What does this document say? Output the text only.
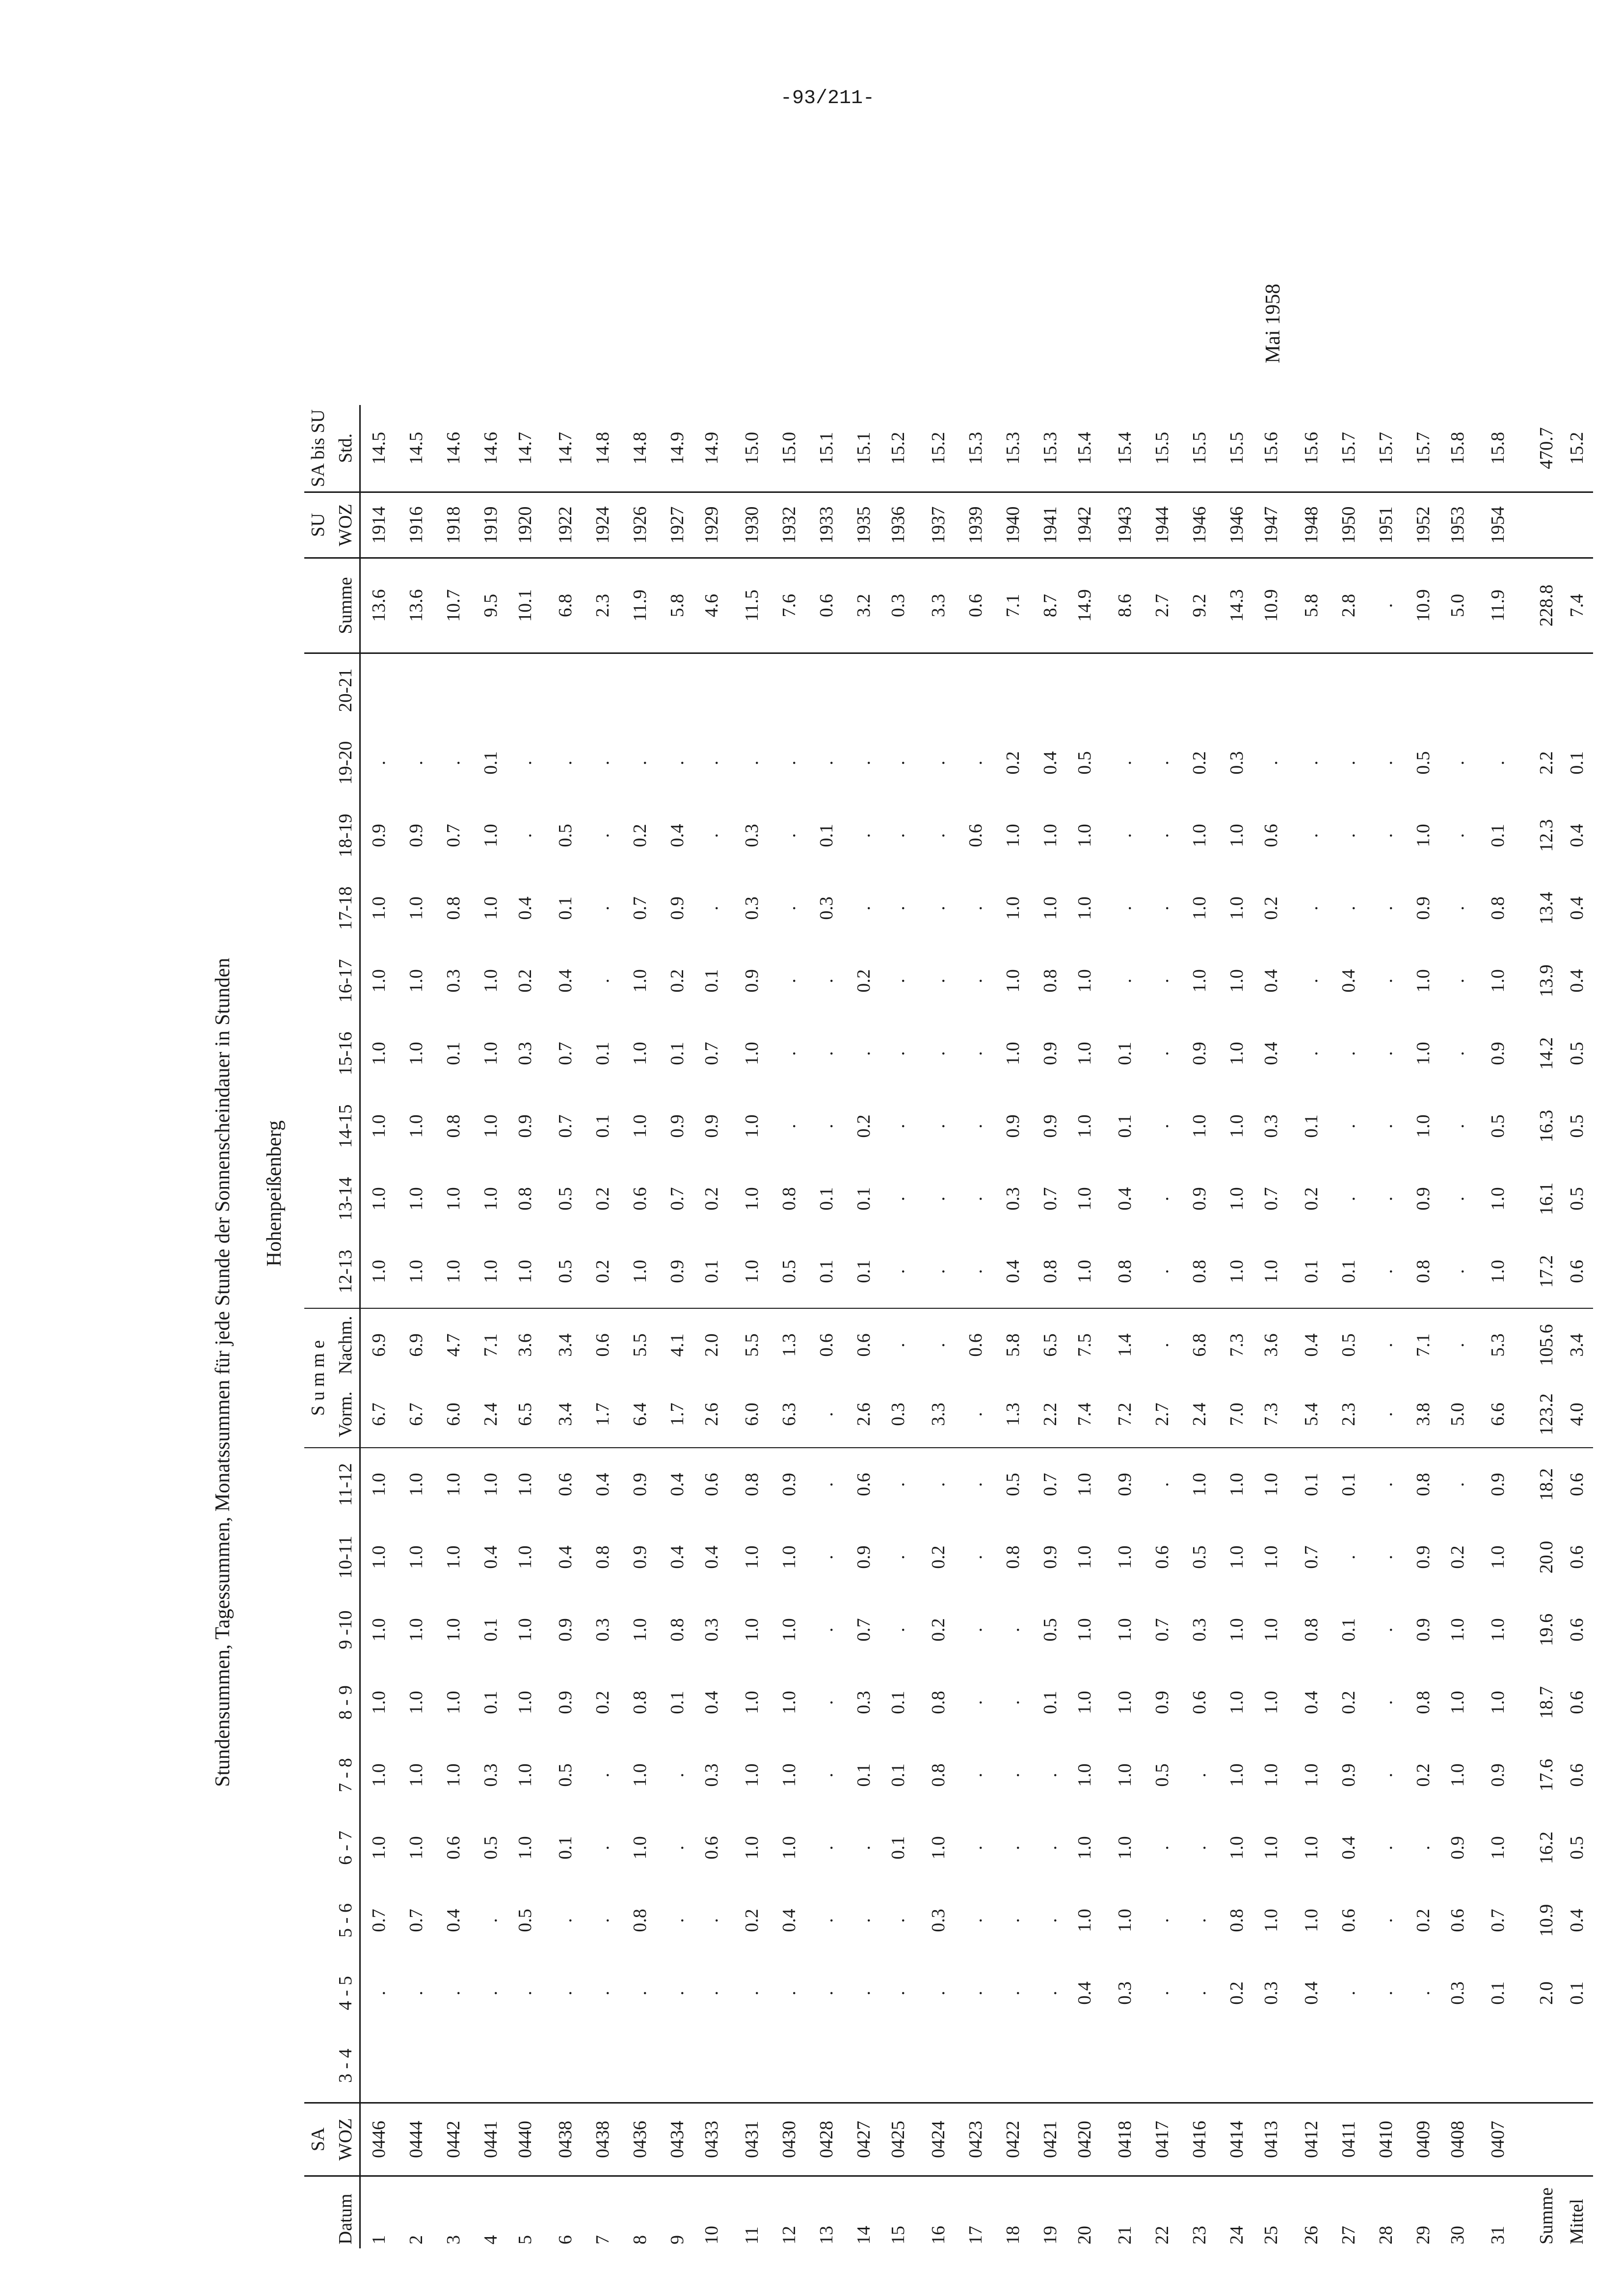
-93/211-
Stundensummen, Tagessummen, Monatssummen für jede Stunde der Sonnenscheindauer in Stunden Hohenpeißenberg
Mai 1958
	SA										S u m m e												SU	SA bis SU
Datum	WOZ	3 - 4	4 - 5	5 - 6	6 - 7	7 - 8	8 - 9	9 -10	10-11	11-12	Vorm.	Nachm.	12-13	13-14	14-15	15-16	16-17	17-18	18-19	19-20	20-21	Summe	WOZ	Std.
1	0446		.	0.7	1.0	1.0	1.0	1.0	1.0	1.0	6.7	6.9	1.0	1.0	1.0	1.0	1.0	1.0	0.9	.		13.6	1914	14.5
2	0444		.	0.7	1.0	1.0	1.0	1.0	1.0	1.0	6.7	6.9	1.0	1.0	1.0	1.0	1.0	1.0	0.9	.		13.6	1916	14.5
3	0442		.	0.4	0.6	1.0	1.0	1.0	1.0	1.0	6.0	4.7	1.0	1.0	0.8	0.1	0.3	0.8	0.7	.		10.7	1918	14.6
4	0441		.	.	0.5	0.3	0.1	0.1	0.4	1.0	2.4	7.1	1.0	1.0	1.0	1.0	1.0	1.0	1.0	0.1		9.5	1919	14.6
5	0440		.	0.5	1.0	1.0	1.0	1.0	1.0	1.0	6.5	3.6	1.0	0.8	0.9	0.3	0.2	0.4	.	.		10.1	1920	14.7
6	0438		.	.	0.1	0.5	0.9	0.9	0.4	0.6	3.4	3.4	0.5	0.5	0.7	0.7	0.4	0.1	0.5	.		6.8	1922	14.7
7	0438		.	.	.	.	0.2	0.3	0.8	0.4	1.7	0.6	0.2	0.2	0.1	0.1	.	.	.	.		2.3	1924	14.8
8	0436		.	0.8	1.0	1.0	0.8	1.0	0.9	0.9	6.4	5.5	1.0	0.6	1.0	1.0	1.0	0.7	0.2	.		11.9	1926	14.8
9	0434		.	.	.	.	0.1	0.8	0.4	0.4	1.7	4.1	0.9	0.7	0.9	0.1	0.2	0.9	0.4	.		5.8	1927	14.9
10	0433		.	.	0.6	0.3	0.4	0.3	0.4	0.6	2.6	2.0	0.1	0.2	0.9	0.7	0.1	.	.	.		4.6	1929	14.9
11	0431		.	0.2	1.0	1.0	1.0	1.0	1.0	0.8	6.0	5.5	1.0	1.0	1.0	1.0	0.9	0.3	0.3	.		11.5	1930	15.0
12	0430		.	0.4	1.0	1.0	1.0	1.0	1.0	0.9	6.3	1.3	0.5	0.8	.	.	.	.	.	.		7.6	1932	15.0
13	0428		.	.	.	.	.	.	.	.	.	0.6	0.1	0.1	.	.	.	0.3	0.1	.		0.6	1933	15.1
14	0427		.	.	.	0.1	0.3	0.7	0.9	0.6	2.6	0.6	0.1	0.1	0.2	.	0.2	.	.	.		3.2	1935	15.1
15	0425		.	.	0.1	0.1	0.1	.	.	.	0.3	.	.	.	.	.	.	.	.	.		0.3	1936	15.2
16	0424		.	0.3	1.0	0.8	0.8	0.2	0.2	.	3.3	.	.	.	.	.	.	.	.	.		3.3	1937	15.2
17	0423		.	.	.	.	.	.	.	.	.	0.6	.	.	.	.	.	.	0.6	.		0.6	1939	15.3
18	0422		.	.	.	.	.	.	0.8	0.5	1.3	5.8	0.4	0.3	0.9	1.0	1.0	1.0	1.0	0.2		7.1	1940	15.3
19	0421		.	.	.	.	0.1	0.5	0.9	0.7	2.2	6.5	0.8	0.7	0.9	0.9	0.8	1.0	1.0	0.4		8.7	1941	15.3
20	0420		0.4	1.0	1.0	1.0	1.0	1.0	1.0	1.0	7.4	7.5	1.0	1.0	1.0	1.0	1.0	1.0	1.0	0.5		14.9	1942	15.4
21	0418		0.3	1.0	1.0	1.0	1.0	1.0	1.0	0.9	7.2	1.4	0.8	0.4	0.1	0.1	.	.	.	.		8.6	1943	15.4
22	0417		.	.	.	0.5	0.9	0.7	0.6	.	2.7	.	.	.	.	.	.	.	.	.		2.7	1944	15.5
23	0416		.	.	.	.	0.6	0.3	0.5	1.0	2.4	6.8	0.8	0.9	1.0	0.9	1.0	1.0	1.0	0.2		9.2	1946	15.5
24	0414		0.2	0.8	1.0	1.0	1.0	1.0	1.0	1.0	7.0	7.3	1.0	1.0	1.0	1.0	1.0	1.0	1.0	0.3		14.3	1946	15.5
25	0413		0.3	1.0	1.0	1.0	1.0	1.0	1.0	1.0	7.3	3.6	1.0	0.7	0.3	0.4	0.4	0.2	0.6	.		10.9	1947	15.6
26	0412		0.4	1.0	1.0	1.0	0.4	0.8	0.7	0.1	5.4	0.4	0.1	0.2	0.1	.	.	.	.	.		5.8	1948	15.6
27	0411		.	0.6	0.4	0.9	0.2	0.1	.	0.1	2.3	0.5	0.1	.	.	.	0.4	.	.	.		2.8	1950	15.7
28	0410		.	.	.	.	.	.	.	.	.	.	.	.	.	.	.	.	.	.		.	1951	15.7
29	0409		.	0.2	.	0.2	0.8	0.9	0.9	0.8	3.8	7.1	0.8	0.9	1.0	1.0	1.0	0.9	1.0	0.5		10.9	1952	15.7
30	0408		0.3	0.6	0.9	1.0	1.0	1.0	0.2	.	5.0	.	.	.	.	.	.	.	.	.		5.0	1953	15.8
31	0407		0.1	0.7	1.0	0.9	1.0	1.0	1.0	0.9	6.6	5.3	1.0	1.0	0.5	0.9	1.0	0.8	0.1	.		11.9	1954	15.8
Summe			2.0	10.9	16.2	17.6	18.7	19.6	20.0	18.2	123.2	105.6	17.2	16.1	16.3	14.2	13.9	13.4	12.3	2.2		228.8		470.7
Mittel			0.1	0.4	0.5	0.6	0.6	0.6	0.6	0.6	4.0	3.4	0.6	0.5	0.5	0.5	0.4	0.4	0.4	0.1		7.4		15.2
